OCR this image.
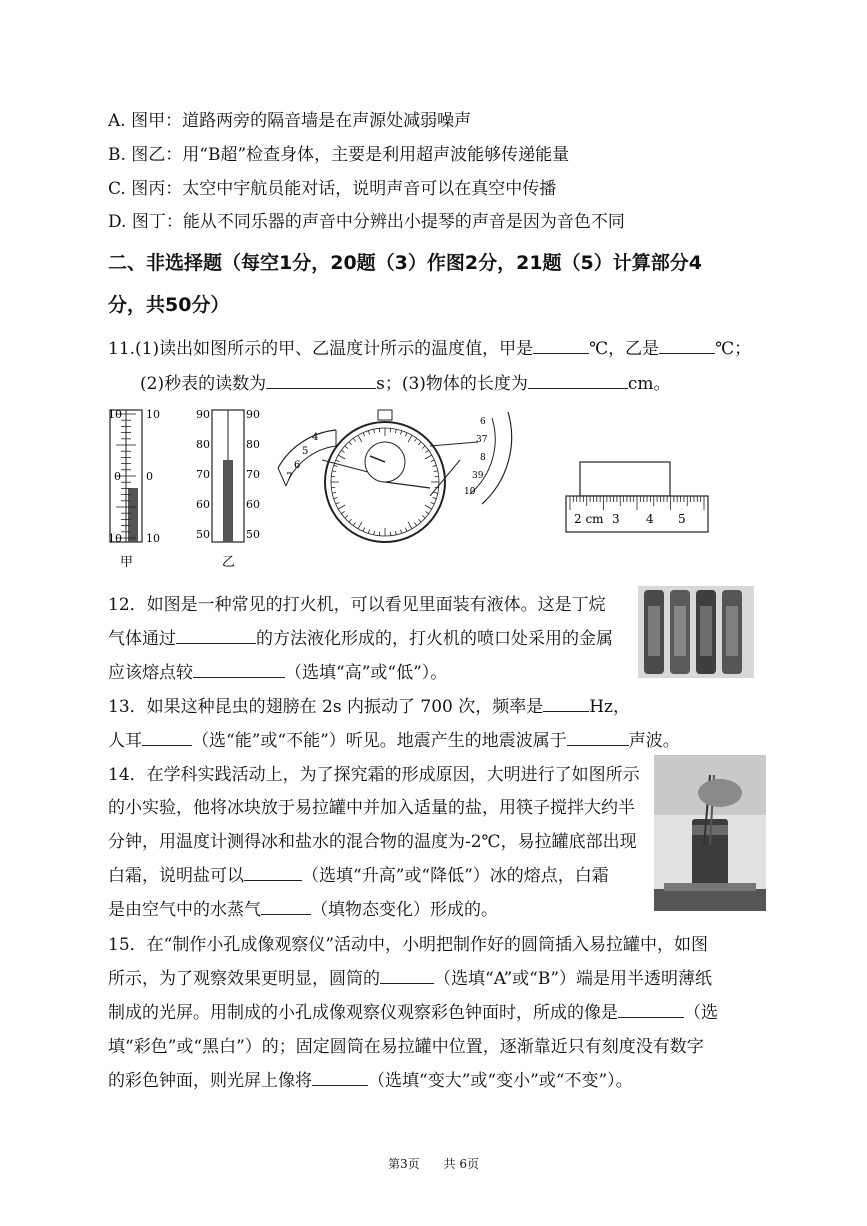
A. 图甲：道路两旁的隔音墙是在声源处减弱噪声
B. 图乙：用“B超”检查身体，主要是利用超声波能够传递能量
C. 图丙：太空中宇航员能对话，说明声音可以在真空中传播
D. 图丁：能从不同乐器的声音中分辨出小提琴的声音是因为音色不同
二、非选择题（每空1分，20题（3）作图2分，21题（5）计算部分4
分，共50分）
11.(1)读出如图所示的甲、乙温度计所示的温度值，甲是	℃，乙是	℃；
(2)秒表的读数为	s；(3)物体的长度为	cm。
10 10
0 0
10 10
甲
90	90
80	80
70	70
60	60
50	50
乙
4
5
6
7
6
37
8
39
10
2 cm 3 4 5
12．如图是一种常见的打火机，可以看见里面装有液体。这是丁烷
气体通过	的方法液化形成的，打火机的喷口处采用的金属
应该熔点较	（选填“高”或“低”）。
13．如果这种昆虫的翅膀在 2s 内振动了 700 次，频率是	Hz，
人耳	（选“能”或“不能”）听见。地震产生的地震波属于	声波。
14．在学科实践活动上，为了探究霜的形成原因，大明进行了如图所示
的小实验，他将冰块放于易拉罐中并加入适量的盐，用筷子搅拌大约半
分钟，用温度计测得冰和盐水的混合物的温度为-2℃，易拉罐底部出现
白霜，说明盐可以	（选填“升高”或“降低”）冰的熔点，白霜
是由空气中的水蒸气	（填物态变化）形成的。
15．在“制作小孔成像观察仪”活动中，小明把制作好的圆筒插入易拉罐中，如图
所示，为了观察效果更明显，圆筒的	（选填“A”或“B”）端是用半透明薄纸
制成的光屏。用制成的小孔成像观察仪观察彩色钟面时，所成的像是	（选
填“彩色”或“黑白”）的；固定圆筒在易拉罐中位置，逐渐靠近只有刻度没有数字
的彩色钟面，则光屏上像将	（选填“变大”或“变小”或“不变”）。
第3页 共 6页
